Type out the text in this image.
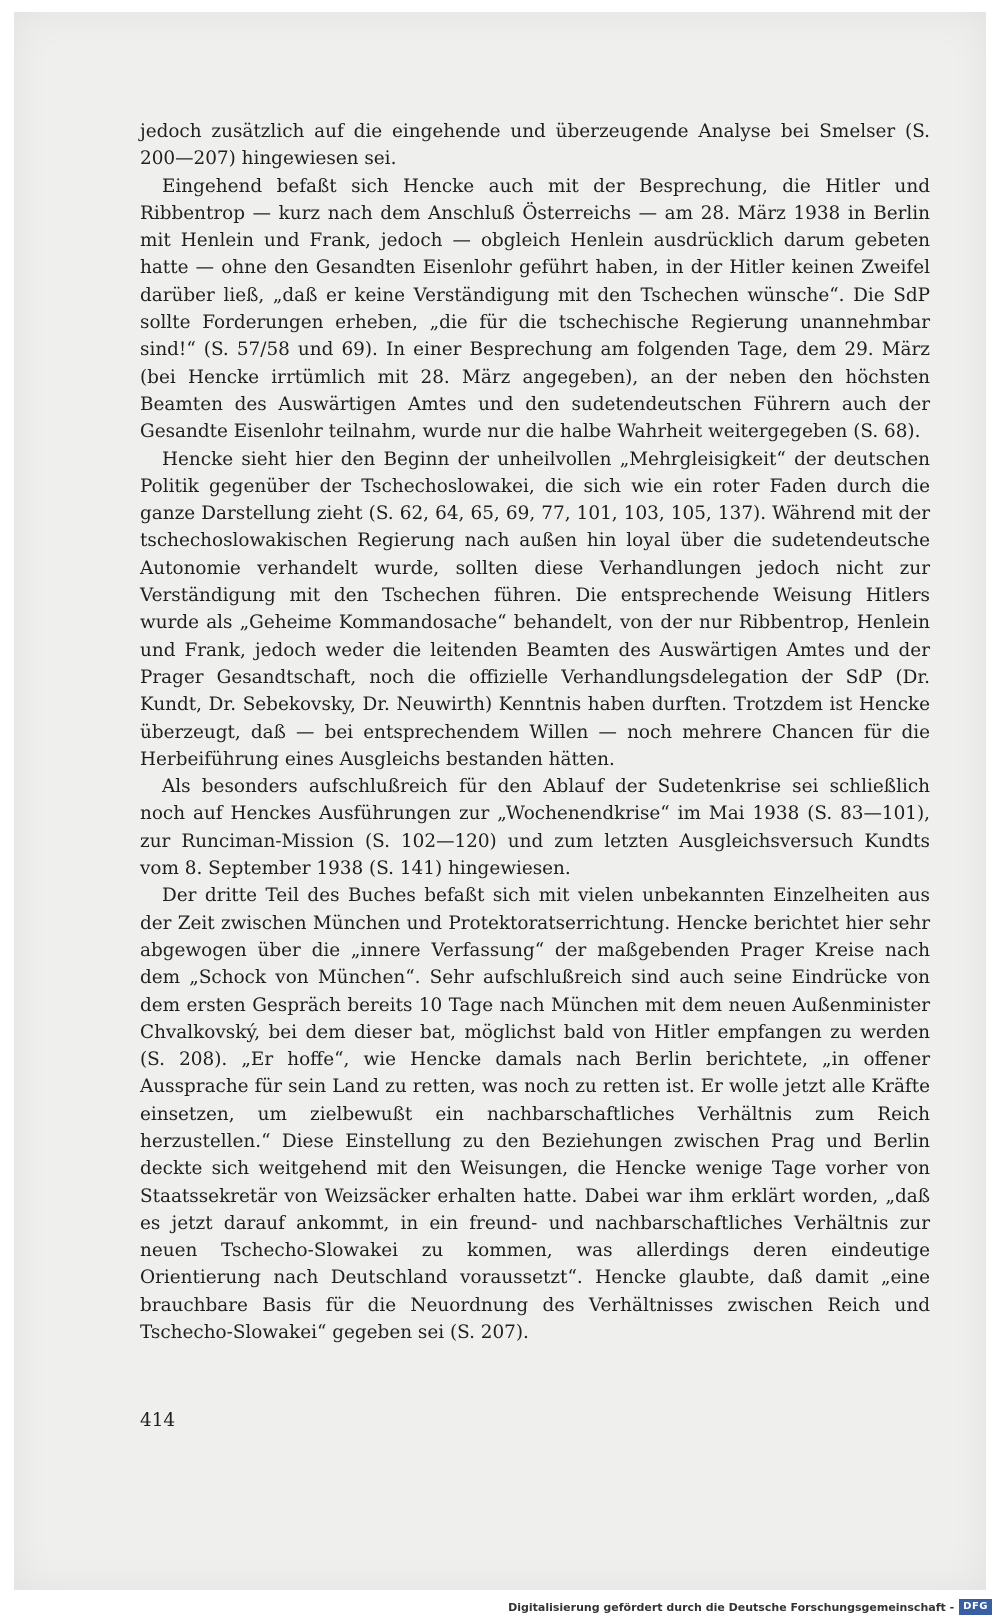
jedoch zusätzlich auf die eingehende und überzeugende Analyse bei Smelser (S. 200—207) hingewiesen sei.

Eingehend befaßt sich Hencke auch mit der Besprechung, die Hitler und Ribbentrop — kurz nach dem Anschluß Österreichs — am 28. März 1938 in Berlin mit Henlein und Frank, jedoch — obgleich Henlein ausdrücklich darum gebeten hatte — ohne den Gesandten Eisenlohr geführt haben, in der Hitler keinen Zweifel darüber ließ, „daß er keine Verständigung mit den Tschechen wünsche“. Die SdP sollte Forderungen erheben, „die für die tschechische Regierung unannehmbar sind!“ (S. 57/58 und 69). In einer Besprechung am folgenden Tage, dem 29. März (bei Hencke irrtümlich mit 28. März angegeben), an der neben den höchsten Beamten des Auswärtigen Amtes und den sudetendeutschen Führern auch der Gesandte Eisenlohr teilnahm, wurde nur die halbe Wahrheit weitergegeben (S. 68).

Hencke sieht hier den Beginn der unheilvollen „Mehrgleisigkeit“ der deutschen Politik gegenüber der Tschechoslowakei, die sich wie ein roter Faden durch die ganze Darstellung zieht (S. 62, 64, 65, 69, 77, 101, 103, 105, 137). Während mit der tschechoslowakischen Regierung nach außen hin loyal über die sudetendeutsche Autonomie verhandelt wurde, sollten diese Verhandlungen jedoch nicht zur Verständigung mit den Tschechen führen. Die entsprechende Weisung Hitlers wurde als „Geheime Kommandosache“ behandelt, von der nur Ribbentrop, Henlein und Frank, jedoch weder die leitenden Beamten des Auswärtigen Amtes und der Prager Gesandtschaft, noch die offizielle Verhandlungsdelegation der SdP (Dr. Kundt, Dr. Sebekovsky, Dr. Neuwirth) Kenntnis haben durften. Trotzdem ist Hencke überzeugt, daß — bei entsprechendem Willen — noch mehrere Chancen für die Herbeiführung eines Ausgleichs bestanden hätten.

Als besonders aufschlußreich für den Ablauf der Sudetenkrise sei schließlich noch auf Henckes Ausführungen zur „Wochenendkrise“ im Mai 1938 (S. 83—101), zur Runciman-Mission (S. 102—120) und zum letzten Ausgleichsversuch Kundts vom 8. September 1938 (S. 141) hingewiesen.

Der dritte Teil des Buches befaßt sich mit vielen unbekannten Einzelheiten aus der Zeit zwischen München und Protektoratserrichtung. Hencke berichtet hier sehr abgewogen über die „innere Verfassung“ der maßgebenden Prager Kreise nach dem „Schock von München“. Sehr aufschlußreich sind auch seine Eindrücke von dem ersten Gespräch bereits 10 Tage nach München mit dem neuen Außenminister Chvalkovský, bei dem dieser bat, möglichst bald von Hitler empfangen zu werden (S. 208). „Er hoffe“, wie Hencke damals nach Berlin berichtete, „in offener Aussprache für sein Land zu retten, was noch zu retten ist. Er wolle jetzt alle Kräfte einsetzen, um zielbewußt ein nachbarschaftliches Verhältnis zum Reich herzustellen.“ Diese Einstellung zu den Beziehungen zwischen Prag und Berlin deckte sich weitgehend mit den Weisungen, die Hencke wenige Tage vorher von Staatssekretär von Weizsäcker erhalten hatte. Dabei war ihm erklärt worden, „daß es jetzt darauf ankommt, in ein freund- und nachbarschaftliches Verhältnis zur neuen Tschecho-Slowakei zu kommen, was allerdings deren eindeutige Orientierung nach Deutschland voraussetzt“. Hencke glaubte, daß damit „eine brauchbare Basis für die Neuordnung des Verhältnisses zwischen Reich und Tschecho-Slowakei“ gegeben sei (S. 207).

414
Digitalisierung gefördert durch die Deutsche Forschungsgemeinschaft - DFG
